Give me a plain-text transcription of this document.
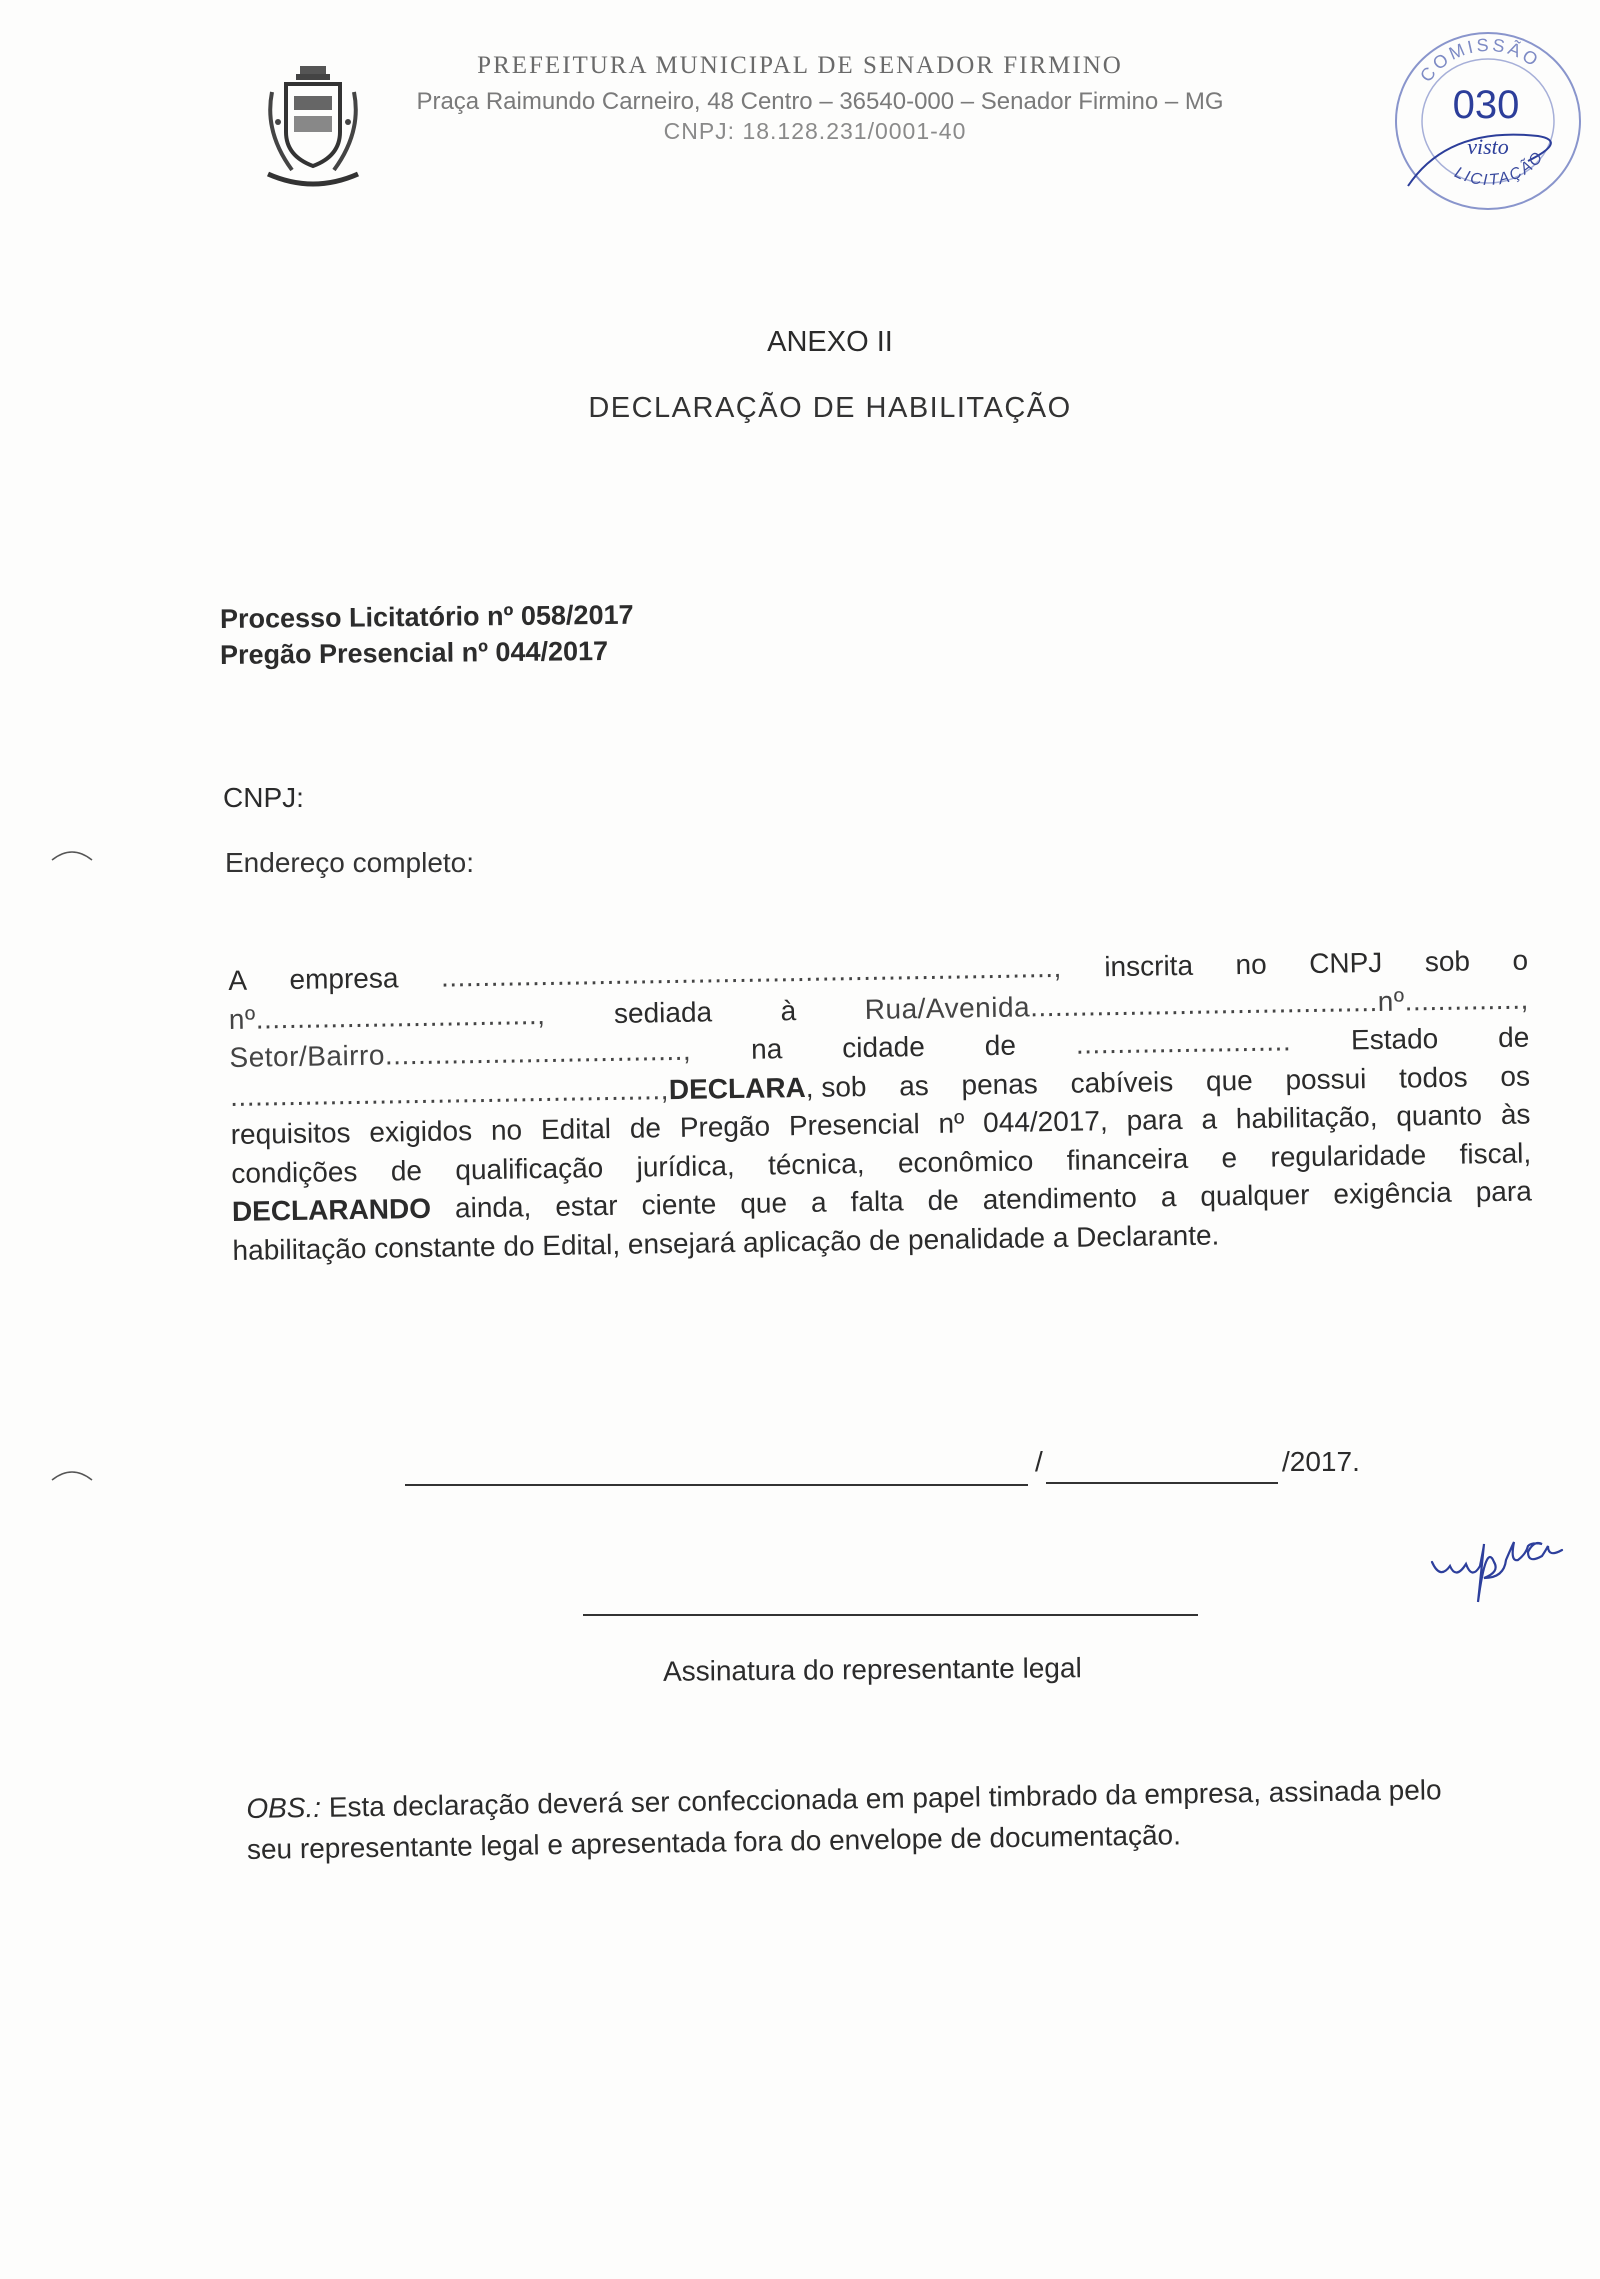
PREFEITURA MUNICIPAL DE SENADOR FIRMINO
Praça Raimundo Carneiro, 48 Centro – 36540-000 – Senador Firmino – MG
CNPJ: 18.128.231/0001-40
COMISSÃO
030
visto
LICITAÇÃO
ANEXO II
DECLARAÇÃO DE HABILITAÇÃO
Processo Licitatório nº 058/2017
Pregão Presencial nº 044/2017
CNPJ:
Endereço completo:
A empresa .........................................................................., inscrita no CNPJ sob o
nº.................................., sediada à Rua/Avenida..........................................nº..............,
Setor/Bairro...................................., na cidade de .......................... Estado de
....................................................,DECLARA, sob as penas cabíveis que possui todos os
requisitos exigidos no Edital de Pregão Presencial nº 044/2017, para a habilitação, quanto às
condições de qualificação jurídica, técnica, econômico financeira e regularidade fiscal,
DECLARANDO ainda, estar ciente que a falta de atendimento a qualquer exigência para
habilitação constante do Edital, ensejará aplicação de penalidade a Declarante.
/	/2017.
Assinatura do representante legal
OBS.: Esta declaração deverá ser confeccionada em papel timbrado da empresa, assinada pelo seu representante legal e apresentada fora do envelope de documentação.
